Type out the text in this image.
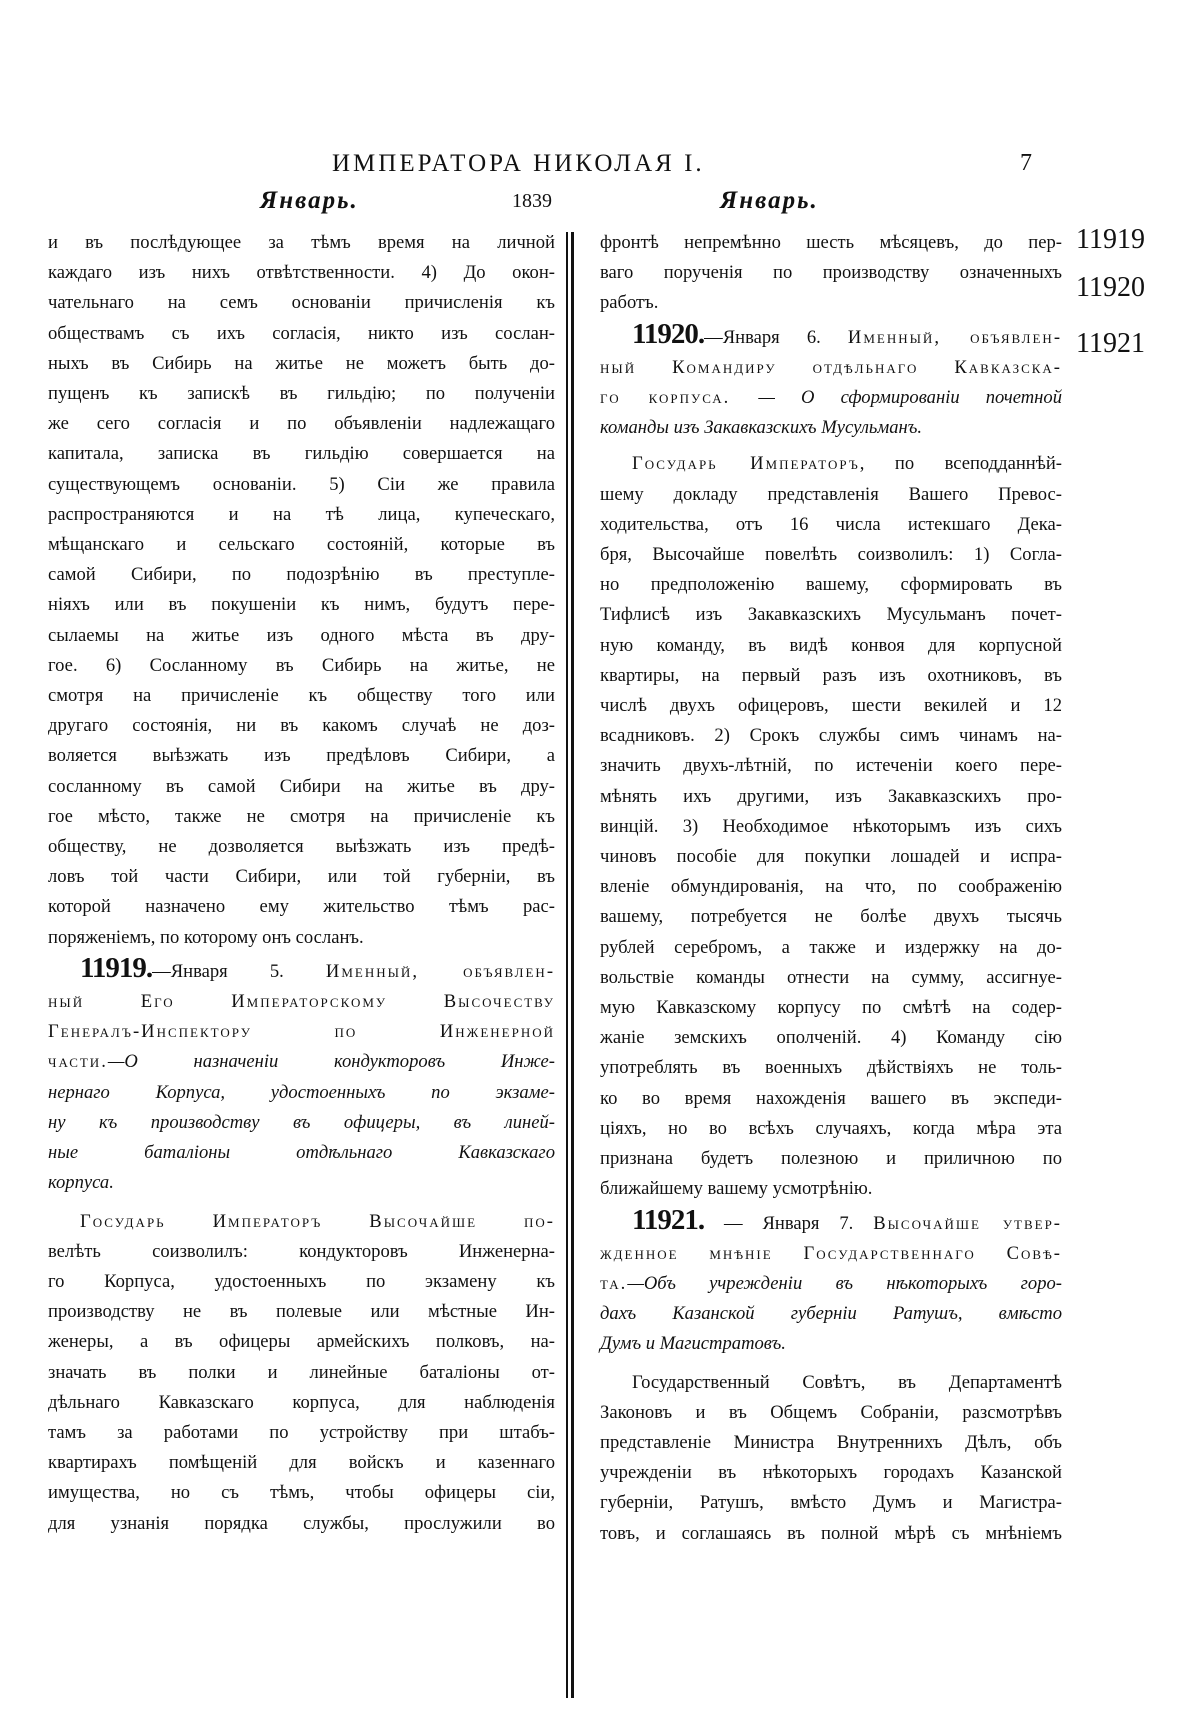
ИМПЕРАТОРА НИКОЛАЯ I.	7
Январь.	1839	Январь.
11919
11920
11921
и въ послѣдующее за тѣмъ время на личной
каждаго изъ нихъ отвѣтственности. 4) До окон-
чательнаго на семъ основаніи причисленія къ
обществамъ съ ихъ согласія, никто изъ сослан-
ныхъ въ Сибирь на житье не можетъ быть до-
пущенъ къ запискѣ въ гильдію; по полученіи
же сего согласія и по объявленіи надлежащаго
капитала, записка въ гильдію совершается на
существующемъ основаніи. 5) Сіи же правила
распространяются и на тѣ лица, купеческаго,
мѣщанскаго и сельскаго состояній, которые въ
самой Сибири, по подозрѣнію въ преступле-
ніяхъ или въ покушеніи къ нимъ, будутъ пере-
сылаемы на житье изъ одного мѣста въ дру-
гое. 6) Сосланному въ Сибирь на житье, не
смотря на причисленіе къ обществу того или
другаго состоянія, ни въ какомъ случаѣ не доз-
воляется выѣзжать изъ предѣловъ Сибири, а
сосланному въ самой Сибири на житье въ дру-
гое мѣсто, также не смотря на причисленіе къ
обществу, не дозволяется выѣзжать изъ предѣ-
ловъ той части Сибири, или той губерніи, въ
которой назначено ему жительство тѣмъ рас-
поряженіемъ, по которому онъ сосланъ.
11919.—Января 5. Именный, объявлен-
ный Его Императорскому Высочеству
Генералъ-Инспектору по Инженерной
части.—О назначеніи кондукторовъ Инже-
нернаго Корпуса, удостоенныхъ по экзаме-
ну къ производству въ офицеры, въ линей-
ные баталіоны отдѣльнаго Кавказскаго
корпуса.
Государь Императоръ Высочайше по-
велѣть соизволилъ: кондукторовъ Инженерна-
го Корпуса, удостоенныхъ по экзамену къ
производству не въ полевые или мѣстные Ин-
женеры, а въ офицеры армейскихъ полковъ, на-
значать въ полки и линейные баталіоны от-
дѣльнаго Кавказскаго корпуса, для наблюденія
тамъ за работами по устройству при штабъ-
квартирахъ помѣщеній для войскъ и казеннаго
имущества, но съ тѣмъ, чтобы офицеры сіи,
для узнанія порядка службы, прослужили во
фронтѣ непремѣнно шесть мѣсяцевъ, до пер-
ваго порученія по производству означенныхъ
работъ.
11920.—Января 6. Именный, объявлен-
ный Командиру отдѣльнаго Кавказска-
го корпуса. — О сформированіи почетной
команды изъ Закавказскихъ Мусульманъ.
Государь Императоръ, по всеподданнѣй-
шему докладу представленія Вашего Превос-
ходительства, отъ 16 числа истекшаго Дека-
бря, Высочайше повелѣть соизволилъ: 1) Согла-
но предположенію вашему, сформировать въ
Тифлисѣ изъ Закавказскихъ Мусульманъ почет-
ную команду, въ видѣ конвоя для корпусной
квартиры, на первый разъ изъ охотниковъ, въ
числѣ двухъ офицеровъ, шести векилей и 12
всадниковъ. 2) Срокъ службы симъ чинамъ на-
значить двухъ-лѣтній, по истеченіи коего пере-
мѣнять ихъ другими, изъ Закавказскихъ про-
винцій. 3) Необходимое нѣкоторымъ изъ сихъ
чиновъ пособіе для покупки лошадей и испра-
вленіе обмундированія, на что, по соображенію
вашему, потребуется не болѣе двухъ тысячь
рублей серебромъ, а также и издержку на до-
вольствіе команды отнести на сумму, ассигнуе-
мую Кавказскому корпусу по смѣтѣ на содер-
жаніе земскихъ ополченій. 4) Команду сію
употреблять въ военныхъ дѣйствіяхъ не толь-
ко во время нахожденія вашего въ экспеди-
ціяхъ, но во всѣхъ случаяхъ, когда мѣра эта
признана будетъ полезною и приличною по
ближайшему вашему усмотрѣнію.
11921. — Января 7. Высочайше утвер-
жденное мнѣніе Государственнаго Совѣ-
та.—Объ учрежденіи въ нѣкоторыхъ горо-
дахъ Казанской губерніи Ратушъ, вмѣсто
Думъ и Магистратовъ.
Государственный Совѣтъ, въ Департаментѣ
Законовъ и въ Общемъ Собраніи, разсмотрѣвъ
представленіе Министра Внутреннихъ Дѣлъ, объ
учрежденіи въ нѣкоторыхъ городахъ Казанской
губерніи, Ратушъ, вмѣсто Думъ и Магистра-
товъ, и соглашаясь въ полной мѣрѣ съ мнѣніемъ
